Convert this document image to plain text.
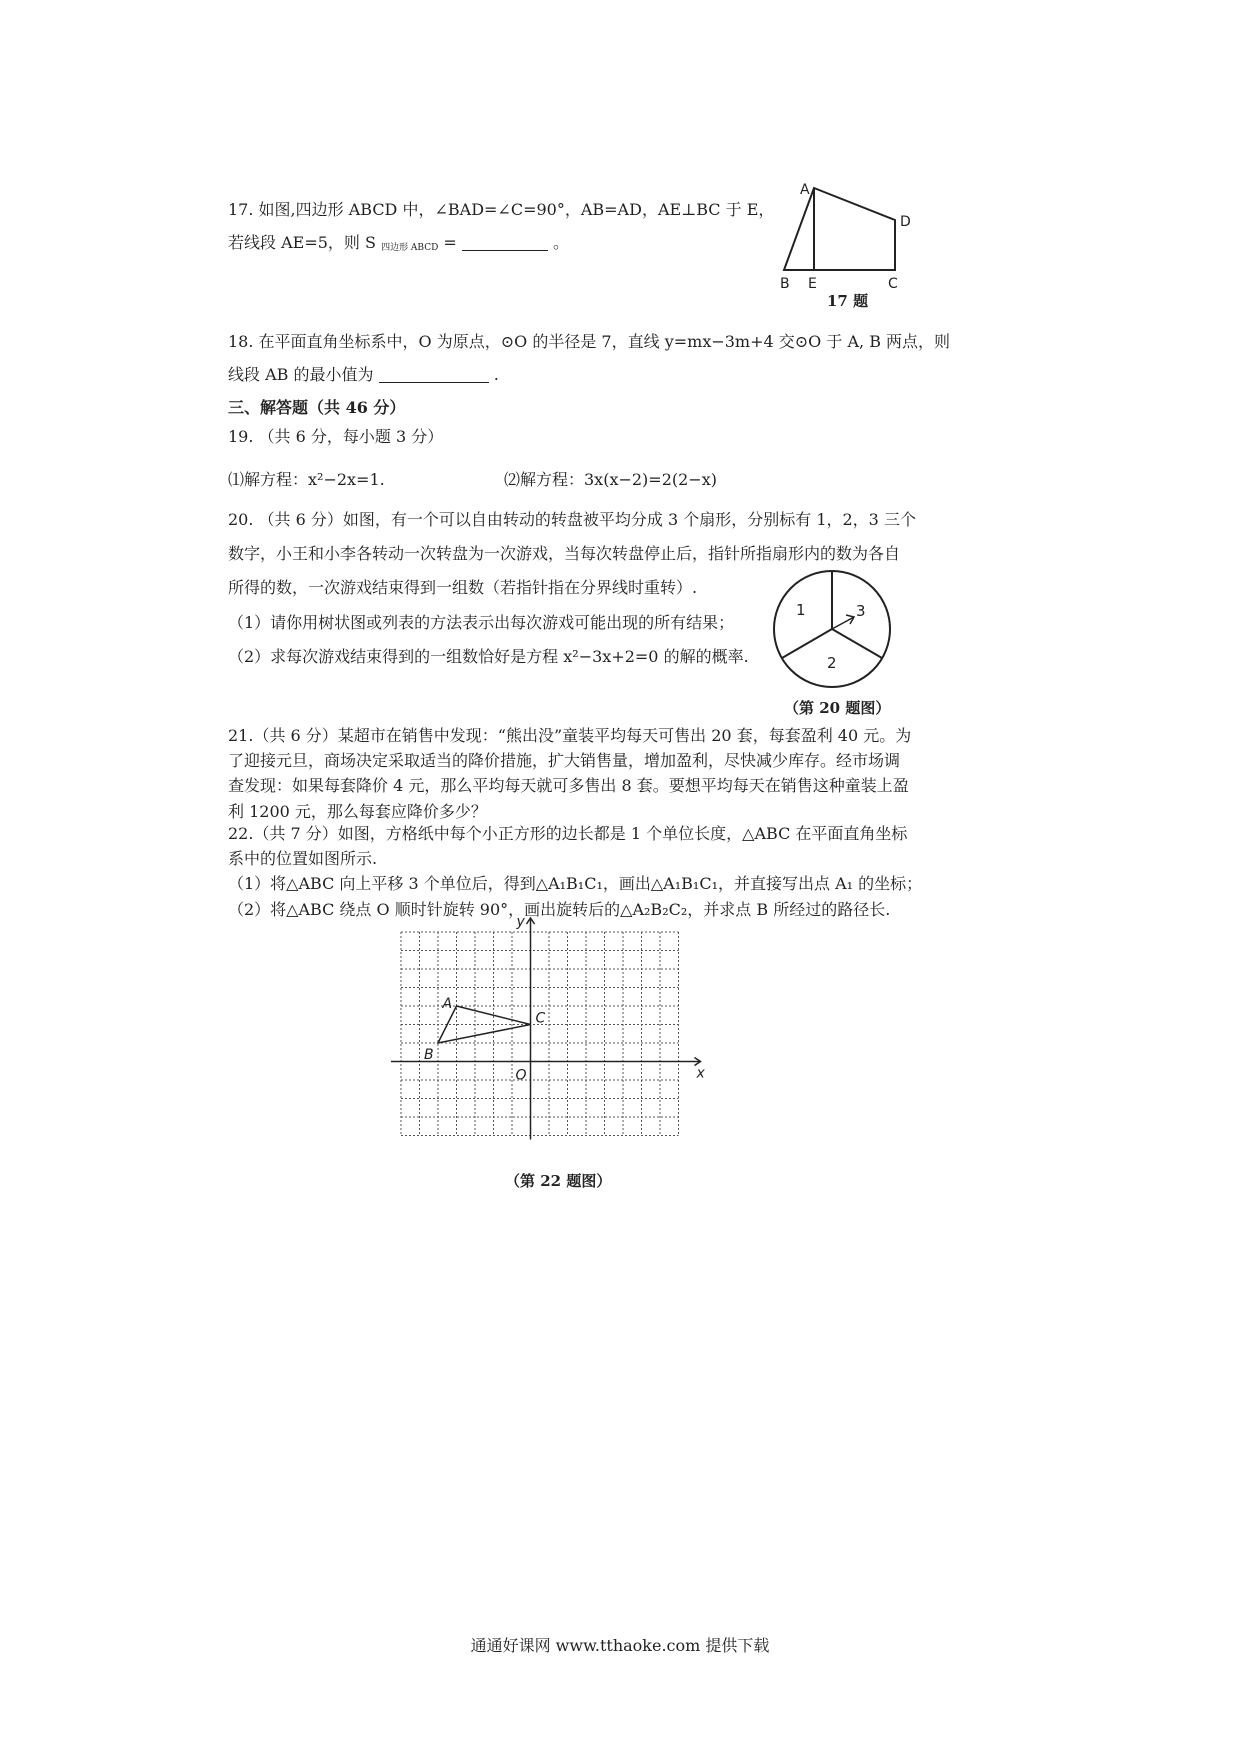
17. 如图,四边形 ABCD 中，∠BAD=∠C=90°，AB=AD，AE⊥BC 于 E，
若线段 AE=5，则 S $_{四边形 ABCD}$ =	。
A
B E	C
D
17 题
18. 在平面直角坐标系中，O 为原点，⊙O 的半径是 7，直线 y=mx−3m+4 交⊙O 于 A, B 两点，则
线段 AB 的最小值为	.
三、解答题（共 46 分）
19. （共 6 分，每小题 3 分）
⑴解方程：x²−2x=1.	⑵解方程：3x(x−2)=2(2−x)
20. （共 6 分）如图，有一个可以自由转动的转盘被平均分成 3 个扇形，分别标有 1，2，3 三个
数字，小王和小李各转动一次转盘为一次游戏，当每次转盘停止后，指针所指扇形内的数为各自
所得的数，一次游戏结束得到一组数（若指针指在分界线时重转）.
（1）请你用树状图或列表的方法表示出每次游戏可能出现的所有结果；
（2）求每次游戏结束得到的一组数恰好是方程 x²−3x+2=0 的解的概率.
1
2
3
（第 20 题图）
21.（共 6 分）某超市在销售中发现：“熊出没”童装平均每天可售出 20 套，每套盈利 40 元。为
了迎接元旦，商场决定采取适当的降价措施，扩大销售量，增加盈利，尽快减少库存。经市场调
查发现：如果每套降价 4 元，那么平均每天就可多售出 8 套。要想平均每天在销售这种童装上盈
利 1200 元，那么每套应降价多少？
22.（共 7 分）如图，方格纸中每个小正方形的边长都是 1 个单位长度，△ABC 在平面直角坐标
系中的位置如图所示.
（1）将△ABC 向上平移 3 个单位后，得到△A₁B₁C₁，画出△A₁B₁C₁，并直接写出点 A₁ 的坐标；
（2）将△ABC 绕点 O 顺时针旋转 90°，画出旋转后的△A₂B₂C₂，并求点 B 所经过的路径长.
A
B
C
O	x
y
（第 22 题图）
通通好课网 www.tthaoke.com 提供下载
